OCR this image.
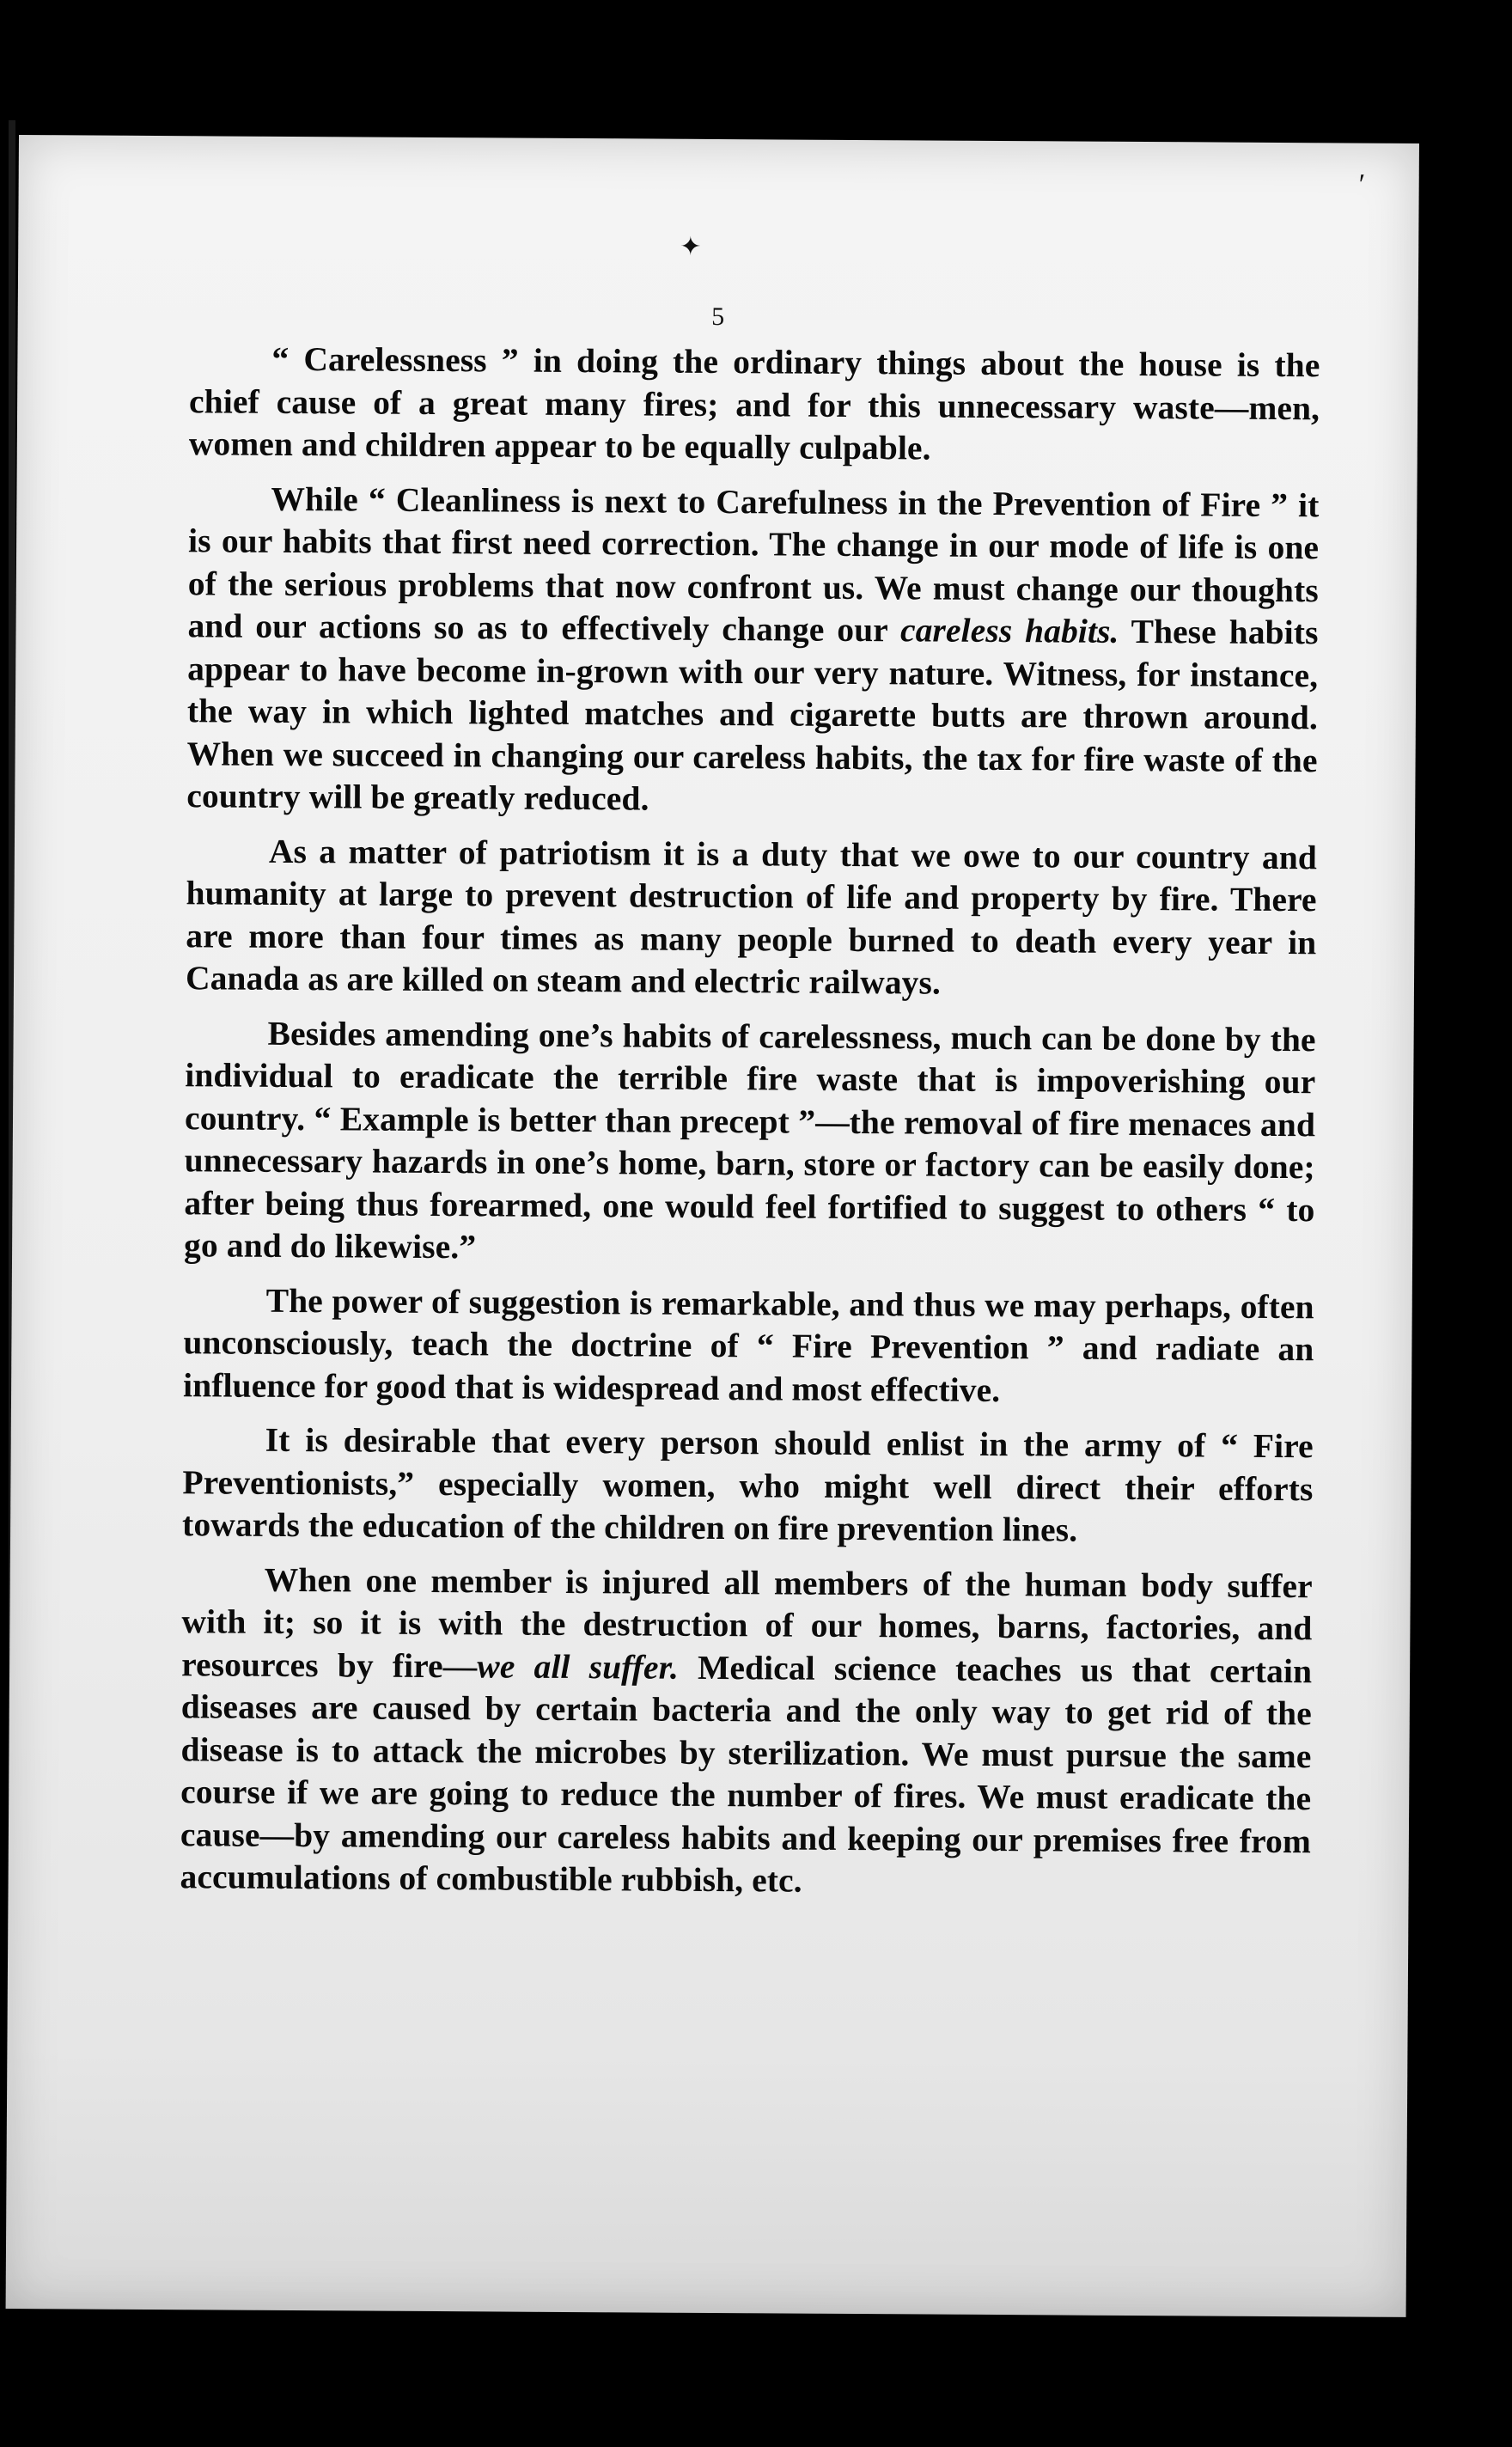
✦
′
5

“ Carelessness ” in doing the ordinary things about the house is the chief cause of a great many fires; and for this unnecessary waste—men, women and children appear to be equally culpable.

While “ Cleanliness is next to Carefulness in the Prevention of Fire ” it is our habits that first need correction. The change in our mode of life is one of the serious problems that now confront us. We must change our thoughts and our actions so as to effectively change our careless habits. These habits appear to have become in-grown with our very nature. Witness, for instance, the way in which lighted matches and cigarette butts are thrown around. When we succeed in changing our careless habits, the tax for fire waste of the country will be greatly reduced.

As a matter of patriotism it is a duty that we owe to our country and humanity at large to prevent destruction of life and property by fire. There are more than four times as many people burned to death every year in Canada as are killed on steam and electric railways.

Besides amending one’s habits of carelessness, much can be done by the individual to eradicate the terrible fire waste that is impoverishing our country. “ Example is better than precept ”—the removal of fire menaces and unnecessary hazards in one’s home, barn, store or factory can be easily done; after being thus forearmed, one would feel fortified to suggest to others “ to go and do likewise.”

The power of suggestion is remarkable, and thus we may perhaps, often unconsciously, teach the doctrine of “ Fire Prevention ” and radiate an influence for good that is widespread and most effective.

It is desirable that every person should enlist in the army of “ Fire Preventionists,” especially women, who might well direct their efforts towards the education of the children on fire prevention lines.

When one member is injured all members of the human body suffer with it; so it is with the destruction of our homes, barns, factories, and resources by fire—we all suffer. Medical science teaches us that certain diseases are caused by certain bacteria and the only way to get rid of the disease is to attack the microbes by sterilization. We must pursue the same course if we are going to reduce the number of fires. We must eradicate the cause—by amending our careless habits and keeping our premises free from accumulations of combustible rubbish, etc.
